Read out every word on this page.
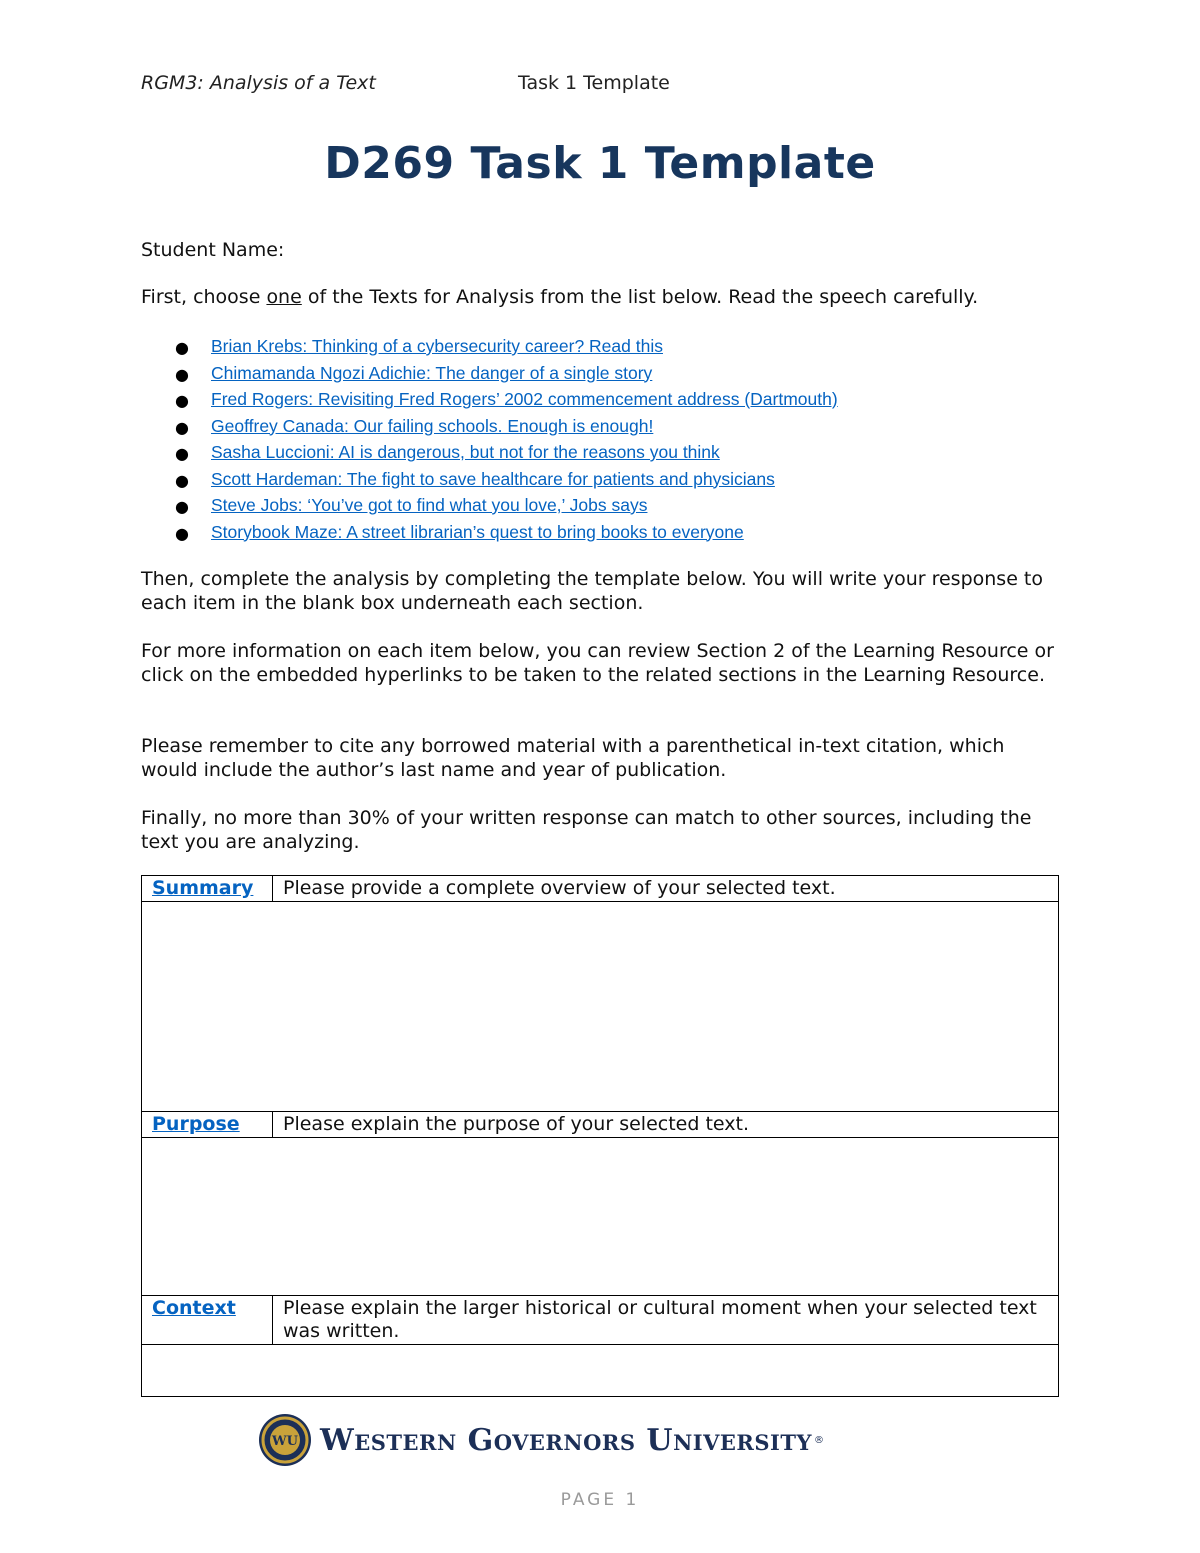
RGM3: Analysis of a Text	Task 1 Template
D269 Task 1 Template
Student Name:
First, choose one of the Texts for Analysis from the list below. Read the speech carefully.
● Brian Krebs: Thinking of a cybersecurity career? Read this
● Chimamanda Ngozi Adichie: The danger of a single story
● Fred Rogers: Revisiting Fred Rogers’ 2002 commencement address (Dartmouth)
● Geoffrey Canada: Our failing schools. Enough is enough!
● Sasha Luccioni: AI is dangerous, but not for the reasons you think
● Scott Hardeman: The fight to save healthcare for patients and physicians
● Steve Jobs: ‘You’ve got to find what you love,’ Jobs says
● Storybook Maze: A street librarian’s quest to bring books to everyone
Then, complete the analysis by completing the template below. You will write your response to each item in the blank box underneath each section.
For more information on each item below, you can review Section 2 of the Learning Resource or click on the embedded hyperlinks to be taken to the related sections in the Learning Resource.
Please remember to cite any borrowed material with a parenthetical in-text citation, which would include the author’s last name and year of publication.
Finally, no more than 30% of your written response can match to other sources, including the text you are analyzing.
Summary	Please provide a complete overview of your selected text.

Purpose	Please explain the purpose of your selected text.

Context	Please explain the larger historical or cultural moment when your selected text was written.

WU Western Governors University ®
PAGE 1
